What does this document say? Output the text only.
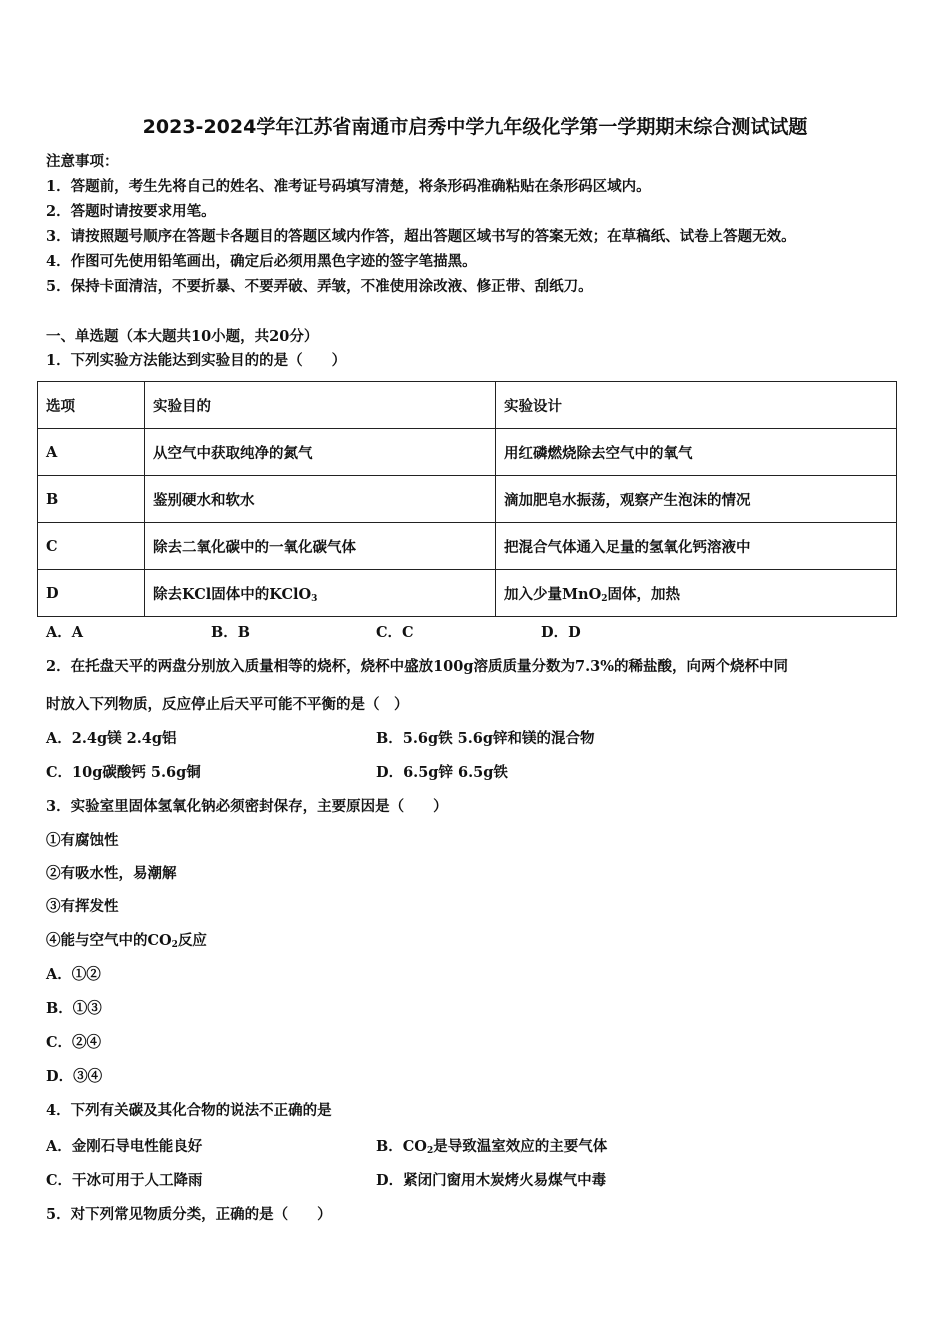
2023-2024学年江苏省南通市启秀中学九年级化学第一学期期末综合测试试题
注意事项：
1．答题前，考生先将自己的姓名、准考证号码填写清楚，将条形码准确粘贴在条形码区域内。
2．答题时请按要求用笔。
3．请按照题号顺序在答题卡各题目的答题区域内作答，超出答题区域书写的答案无效；在草稿纸、试卷上答题无效。
4．作图可先使用铅笔画出，确定后必须用黑色字迹的签字笔描黑。
5．保持卡面清洁，不要折暴、不要弄破、弄皱，不准使用涂改液、修正带、刮纸刀。
一、单选题（本大题共10小题，共20分）
1．下列实验方法能达到实验目的的是（　　）
选项	实验目的	实验设计
A	从空气中获取纯净的氮气	用红磷燃烧除去空气中的氧气
B	鉴别硬水和软水	滴加肥皂水振荡，观察产生泡沫的情况
C	除去二氧化碳中的一氧化碳气体	把混合气体通入足量的氢氧化钙溶液中
D	除去KCl固体中的KClO$_3$	加入少量MnO$_2$固体，加热
A．A	B．B	C．C	D．D
2．在托盘天平的两盘分别放入质量相等的烧杯，烧杯中盛放100g溶质质量分数为7.3%的稀盐酸，向两个烧杯中同
时放入下列物质，反应停止后天平可能不平衡的是（　）
A．2.4g镁 2.4g铝	B．5.6g铁 5.6g锌和镁的混合物
C．10g碳酸钙 5.6g铜	D．6.5g锌 6.5g铁
3．实验室里固体氢氧化钠必须密封保存，主要原因是（　　）
①有腐蚀性
②有吸水性，易潮解
③有挥发性
④能与空气中的$CO_2$反应
A．①②
B．①③
C．②④
D．③④
4．下列有关碳及其化合物的说法不正确的是
A．金刚石导电性能良好	B．$CO_2$是导致温室效应的主要气体
C．干冰可用于人工降雨	D．紧闭门窗用木炭烤火易煤气中毒
5．对下列常见物质分类，正确的是（　　）
